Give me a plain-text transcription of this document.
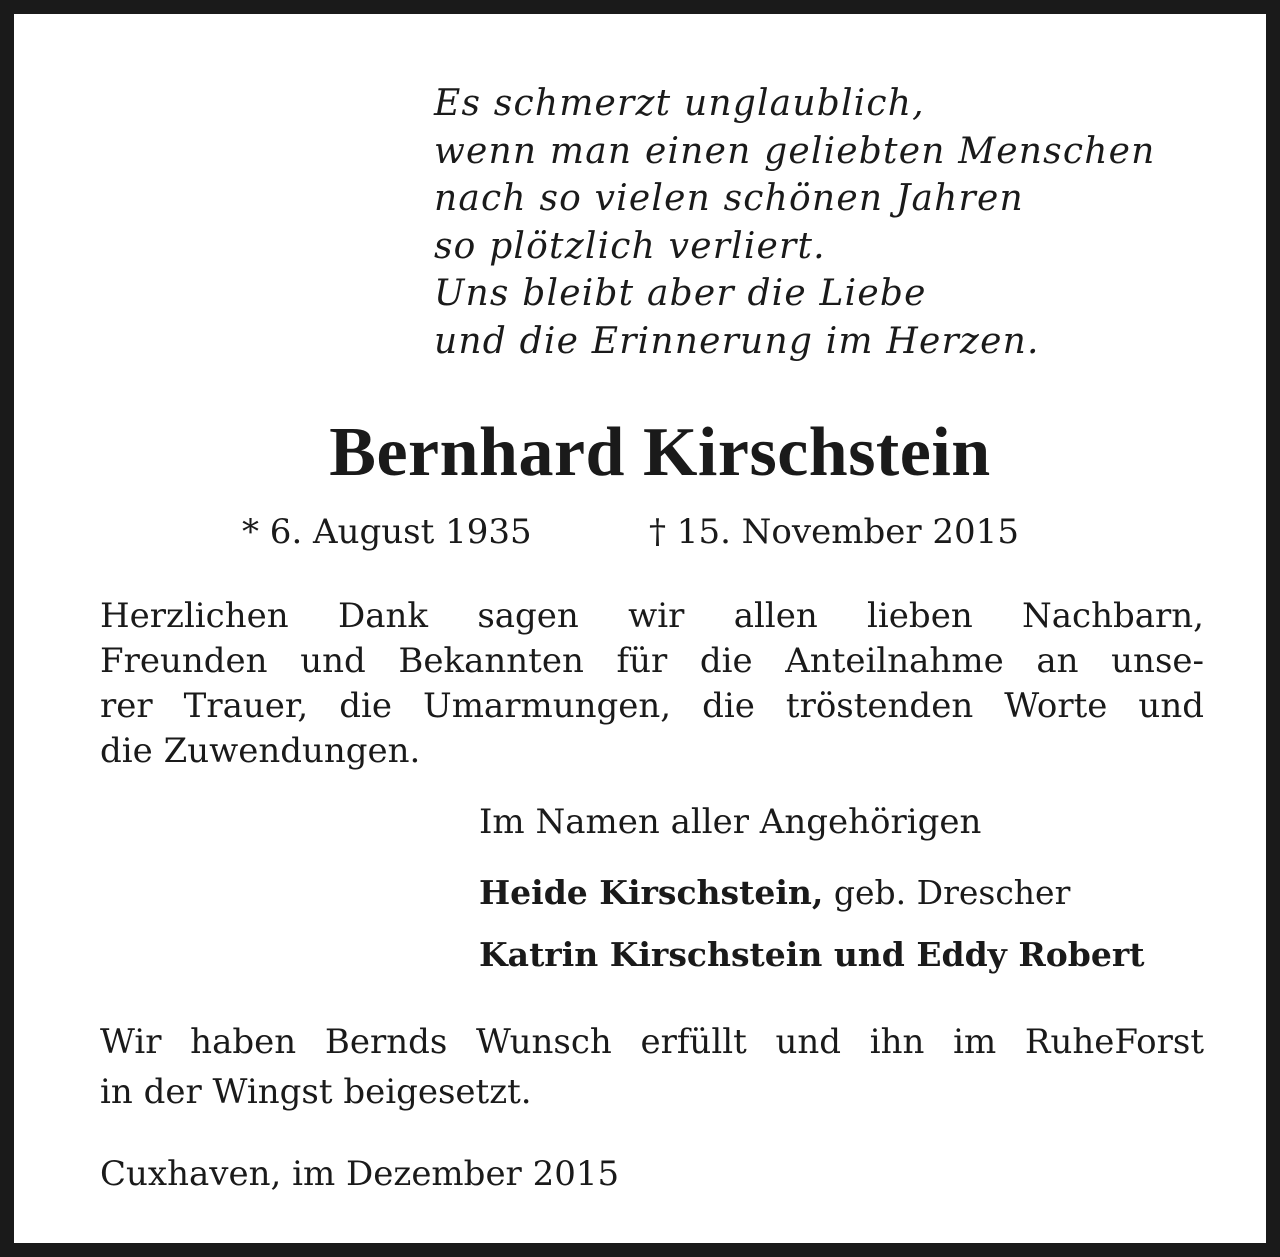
Es schmerzt unglaublich,
wenn man einen geliebten Menschen
nach so vielen schönen Jahren
so plötzlich verliert.
Uns bleibt aber die Liebe
und die Erinnerung im Herzen.
Bernhard Kirschstein
* 6. August 1935	† 15. November 2015
Herzlichen Dank sagen wir allen lieben Nachbarn,
Freunden und Bekannten für die Anteilnahme an unse-
rer Trauer, die Umarmungen, die tröstenden Worte und
die Zuwendungen.
Im Namen aller Angehörigen
Heide Kirschstein, geb. Drescher
Katrin Kirschstein und Eddy Robert
Wir haben Bernds Wunsch erfüllt und ihn im RuheForst
in der Wingst beigesetzt.
Cuxhaven, im Dezember 2015
